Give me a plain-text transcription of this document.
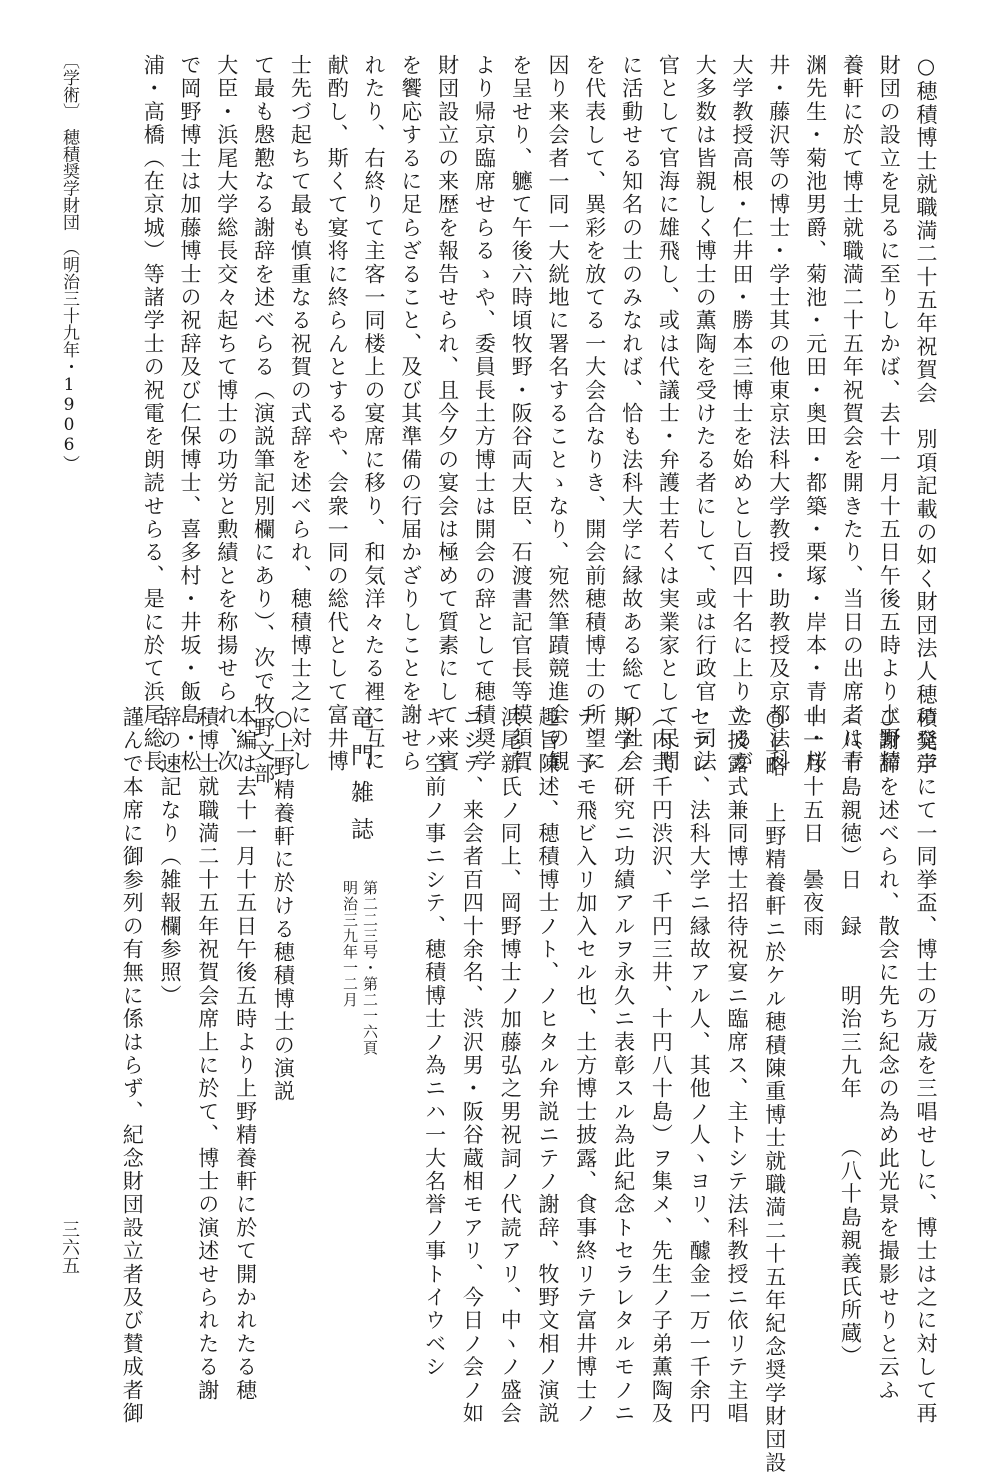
三六五
〔学術〕　穂積奨学財団　（明治三十九年・1906）	○穂積博士就職満二十五年祝賀会　別項記載の如く財団法人穂積奨学
財団の設立を見るに至りしかば、去十一月十五日午後五時より上野精
養軒に於て博士就職満二十五年祝賀会を開きたり、当日の出席者は青
渊先生・菊池男爵、菊池・元田・奥田・都築・栗塚・岸本・青山・桜
井・藤沢等の博士・学士其の他東京法科大学教授・助教授及京都法科
大学教授高根・仁井田・勝本三博士を始めとし百四十名に上りたるが
大多数は皆親しく博士の薫陶を受けたる者にして、或は行政官・司法
官として官海に雄飛し、或は代議士・弁護士若くは実業家として民間
に活動せる知名の士のみなれば、恰も法科大学に縁故ある総ての社会
を代表して、異彩を放てる一大会合なりき、開会前穂積博士の所望に
因り来会者一同一大絖地に署名することゝなり、宛然筆蹟競進会の観
を呈せり、軈て午後六時頃牧野・阪谷両大臣、石渡書記官長等模須賀
より帰京臨席せらるゝや、委員長土方博士は開会の辞として穂積奨学
財団設立の来歴を報告せられ、且今夕の宴会は極めて質素にして来賓
を饗応するに足らざること、及び其準備の行届かざりしことを謝せら
れたり、右終りて主客一同楼上の宴席に移り、和気洋々たる裡に互に
献酌し、斯くて宴将に終らんとするや、会衆一同の総代として富井博
士先づ起ちて最も慎重なる祝賀の式辞を述べられ、穂積博士之に対し
て最も慇懃なる謝辞を述べらる（演説筆記別欄にあり）、次で牧野文部
大臣・浜尾大学総長交々起ちて博士の功労と勲績とを称揚せられ、次
で岡野博士は加藤博士の祝辞及び仁保博士、喜多村・井坂・飯島・松
浦・高橋（在京城）等諸学士の祝電を朗読せらる、是に於て浜尾総長
の発声にて一同挙盃、博士の万歳を三唱せしに、博士は之に対して再
び謝辞を述べられ、散会に先ち紀念の為め此光景を撮影せりと云ふ
（八十島親徳）日　録　　明治三九年　　（八十島親義氏所蔵）
十一月十五日　曇夜雨
○上略　上野精養軒ニ於ケル穂積陳重博士就職満二十五年紀念奨学財団設
立披露式兼同博士招待祝宴ニ臨席ス、主トシテ法科教授ニ依リテ主唱
セラレ、法科大学ニ縁故アル人、其他ノ人ヽヨリ、醵金一万一千余円
（内弐千円渋沢、千円三井、十円八十島）ヲ集メ、先生ノ子弟薫陶及
斯学ノ研究ニ功績アルヲ永久ニ表彰スル為此紀念トセラレタルモノニ
テ、予モ飛ビ入リ加入セル也、土方博士披露、食事終リテ富井博士ノ
趣旨陳述、穂積博士ノト、ノヒタル弁説ニテノ謝辞、牧野文相ノ演説
浜尾新氏ノ同上、岡野博士ノ加藤弘之男祝詞ノ代読アリ、中ヽノ盛会
ニシテ、来会者百四十余名、渋沢男・阪谷蔵相モアリ、今日ノ会ノ如
キハ空前ノ事ニシテ、穂積博士ノ為ニハ一大名誉ノ事トイウベシ
竜門雑誌
○上野精養軒に於ける穂積博士の演説
本編は去十一月十五日午後五時より上野精養軒に於て開かれたる穂
積博士就職満二十五年祝賀会席上に於て、博士の演述せられたる謝
辞の速記なり（雑報欄参照）
謹んで本席に御参列の有無に係はらず、紀念財団設立者及び賛成者御	第二二三号・第二一六頁
明治三九年一二月
